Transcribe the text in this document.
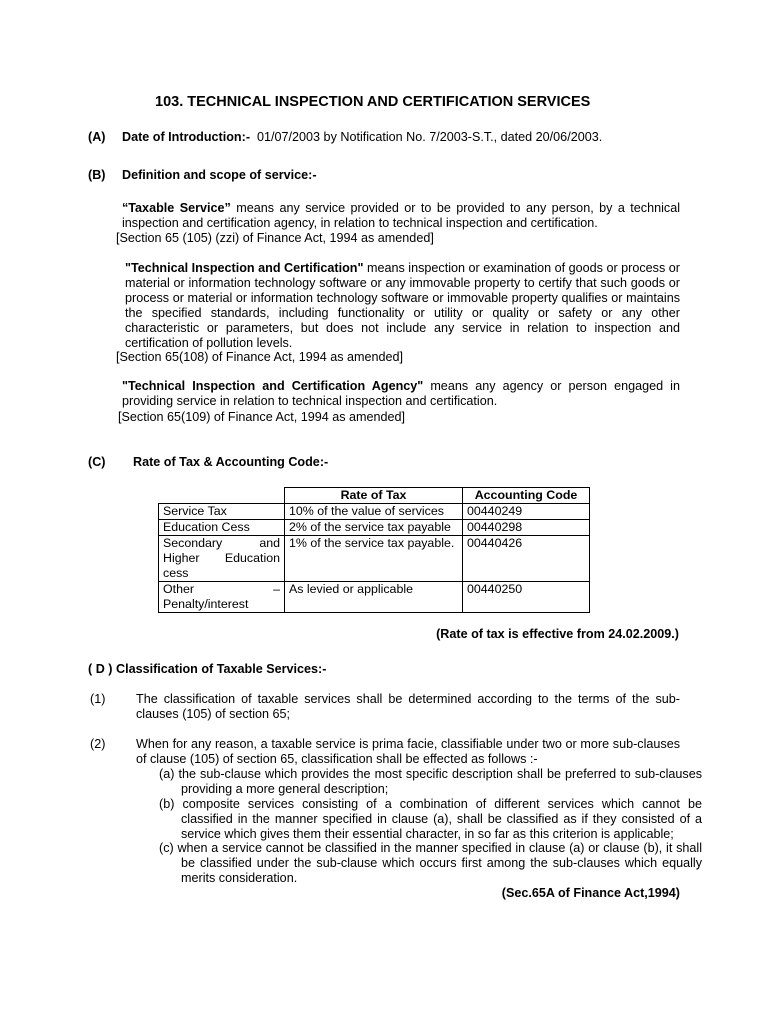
103. TECHNICAL INSPECTION AND CERTIFICATION SERVICES
(A) Date of Introduction:- 01/07/2003 by Notification No. 7/2003-S.T., dated 20/06/2003.
(B) Definition and scope of service:-
“Taxable Service” means any service provided or to be provided to any person, by a technical inspection and certification agency, in relation to technical inspection and certification.
[Section 65 (105) (zzi) of Finance Act, 1994 as amended]
"Technical Inspection and Certification" means inspection or examination of goods or process or material or information technology software or any immovable property to certify that such goods or process or material or information technology software or immovable property qualifies or maintains the specified standards, including functionality or utility or quality or safety or any other characteristic or parameters, but does not include any service in relation to inspection and certification of pollution levels.
[Section 65(108) of Finance Act, 1994 as amended]
"Technical Inspection and Certification Agency" means any agency or person engaged in providing service in relation to technical inspection and certification.
[Section 65(109) of Finance Act, 1994 as amended]
(C) Rate of Tax & Accounting Code:-
	Rate of Tax	Accounting Code
Service Tax	10% of the value of services	00440249
Education Cess	2% of the service tax payable	00440298
Secondary and Higher Education cess	1% of the service tax payable.	00440426
Other – Penalty/interest	As levied or applicable	00440250
(Rate of tax is effective from 24.02.2009.)
( D ) Classification of Taxable Services:-
(1) The classification of taxable services shall be determined according to the terms of the sub-clauses (105) of section 65;
(2) When for any reason, a taxable service is prima facie, classifiable under two or more sub-clauses of clause (105) of section 65, classification shall be effected as follows :-
(a) the sub-clause which provides the most specific description shall be preferred to sub-clauses providing a more general description;
(b) composite services consisting of a combination of different services which cannot be classified in the manner specified in clause (a), shall be classified as if they consisted of a service which gives them their essential character, in so far as this criterion is applicable;
(c) when a service cannot be classified in the manner specified in clause (a) or clause (b), it shall be classified under the sub-clause which occurs first among the sub-clauses which equally merits consideration.
(Sec.65A of Finance Act,1994)
